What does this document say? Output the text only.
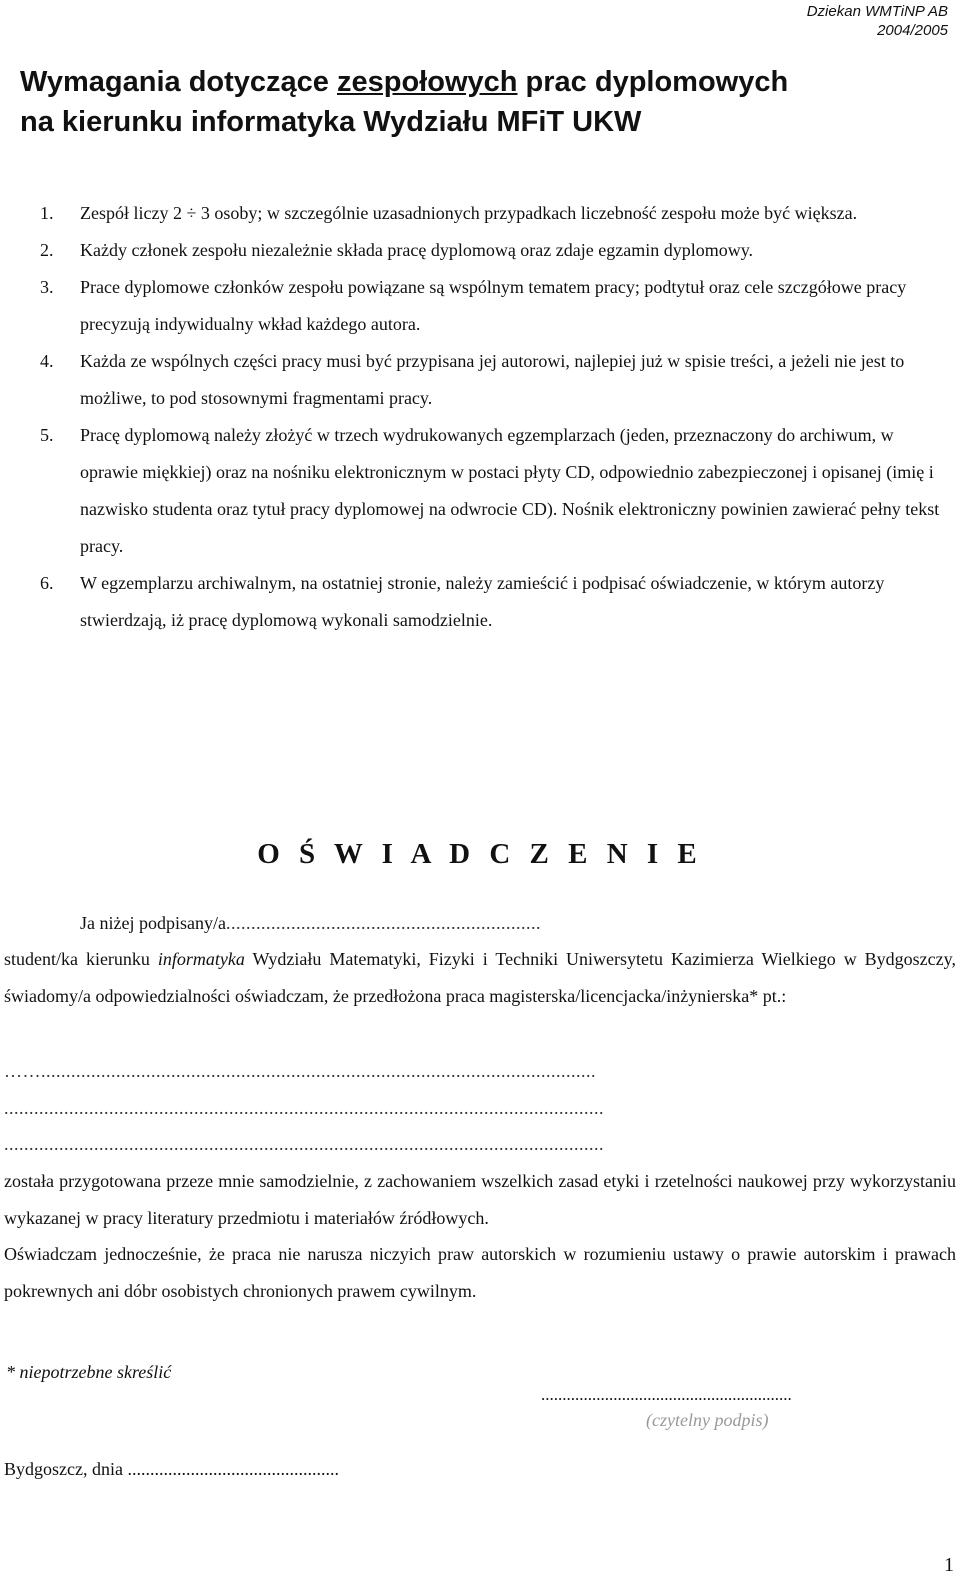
Dziekan WMTiNP AB
2004/2005
Wymagania dotyczące zespołowych prac dyplomowych
na kierunku informatyka Wydziału MFiT UKW
1. Zespół liczy 2 ÷ 3 osoby; w szczególnie uzasadnionych przypadkach liczebność zespołu może być większa.
2. Każdy członek zespołu niezależnie składa pracę dyplomową oraz zdaje egzamin dyplomowy.
3. Prace dyplomowe członków zespołu powiązane są wspólnym tematem pracy; podtytuł oraz cele szczgółowe pracy precyzują indywidualny wkład każdego autora.
4. Każda ze wspólnych części pracy musi być przypisana jej autorowi, najlepiej już w spisie treści, a jeżeli nie jest to możliwe, to pod stosownymi fragmentami pracy.
5. Pracę dyplomową należy złożyć w trzech wydrukowanych egzemplarzach (jeden, przeznaczony do archiwum, w oprawie miękkiej) oraz na nośniku elektronicznym w postaci płyty CD, odpowiednio zabezpieczonej i opisanej (imię i nazwisko studenta oraz tytuł pracy dyplomowej na odwrocie CD). Nośnik elektroniczny powinien zawierać pełny tekst pracy.
6. W egzemplarzu archiwalnym, na ostatniej stronie, należy zamieścić i podpisać oświadczenie, w którym autorzy stwierdzają, iż pracę dyplomową wykonali samodzielnie.
O Ś W I A D C Z E N I E
Ja niżej podpisany/a...............................................................
student/ka kierunku informatyka Wydziału Matematyki, Fizyki i Techniki Uniwersytetu Kazimierza Wielkiego w Bydgoszczy, świadomy/a odpowiedzialności oświadczam, że przedłożona praca magisterska/licencjacka/inżynierska* pt.:
……...............................................................................................................
........................................................................................................................
........................................................................................................................
została przygotowana przeze mnie samodzielnie, z zachowaniem wszelkich zasad etyki i rzetelności naukowej przy wykorzystaniu wykazanej w pracy literatury przedmiotu i materiałów źródłowych.
Oświadczam jednocześnie, że praca nie narusza niczyich praw autorskich w rozumieniu ustawy o prawie autorskim i prawach pokrewnych ani dóbr osobistych chronionych prawem cywilnym.
* niepotrzebne skreślić
...........................................................
(czytelny podpis)
Bydgoszcz, dnia ...............................................
1
